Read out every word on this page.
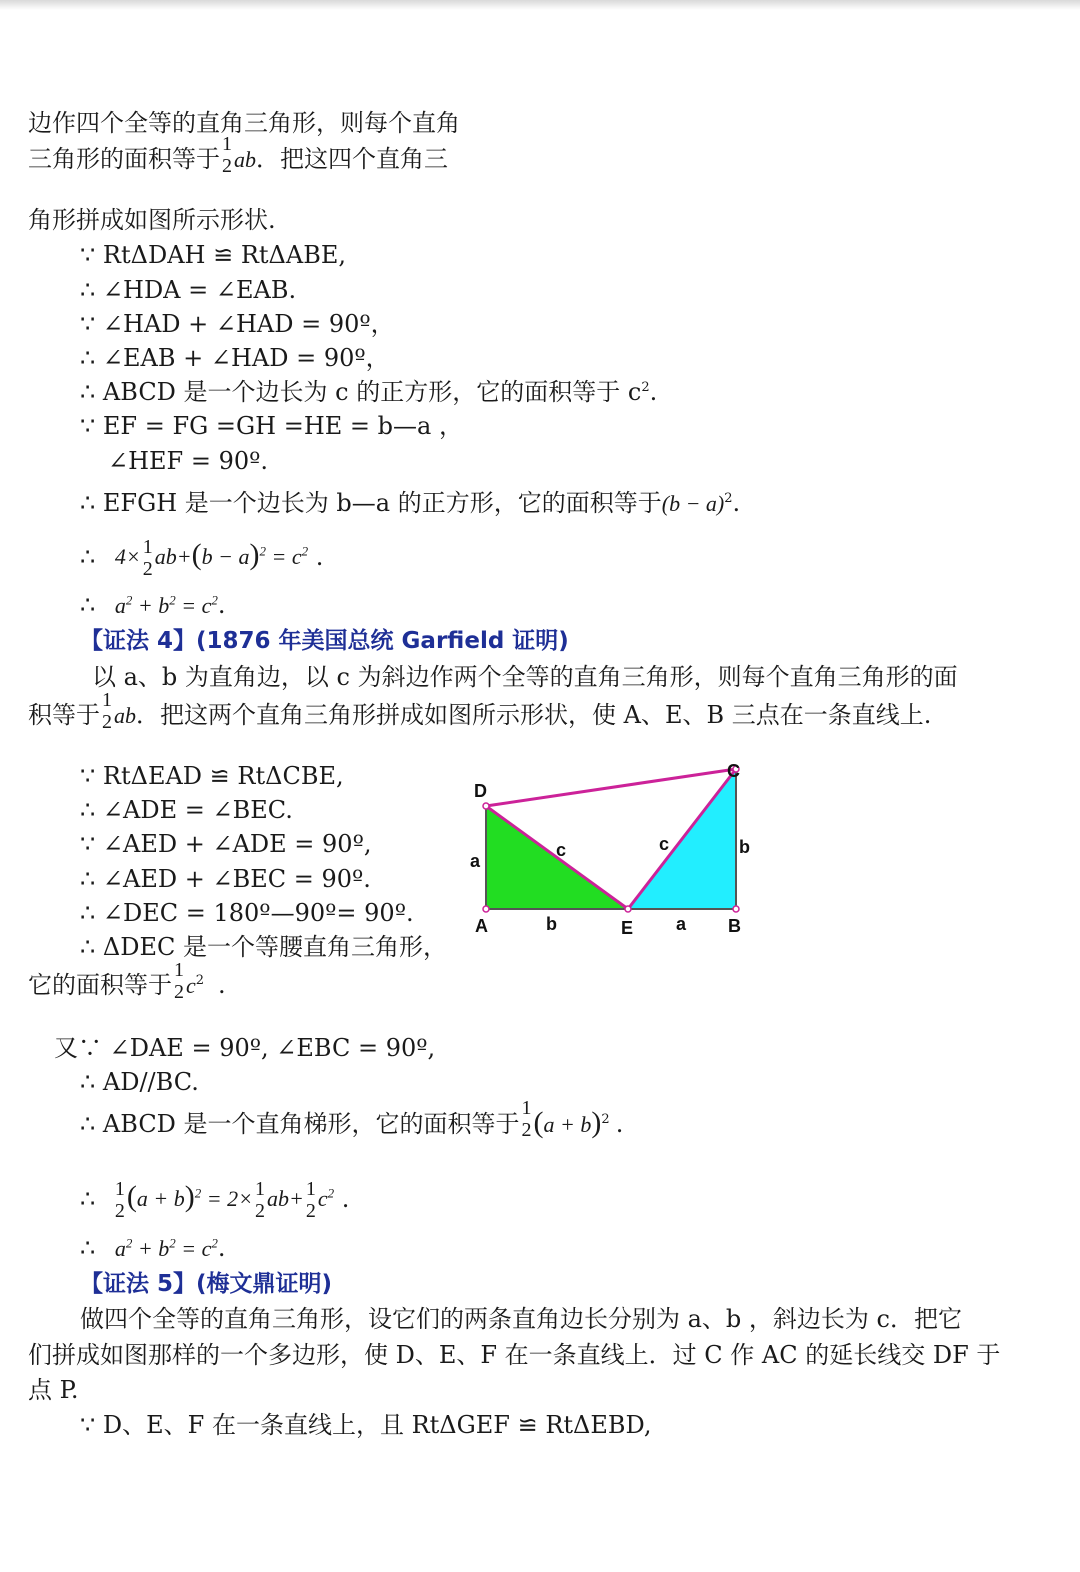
边作四个全等的直角三角形，则每个直角
三角形的面积等于
1
2 ab．把这四个直角三
角形拼成如图所示形状.
∵ RtΔDAH ≌ RtΔABE,
∴ ∠HDA = ∠EAB.
∵ ∠HAD + ∠HAD = 90º，
∴ ∠EAB + ∠HAD = 90º，
∴ ABCD 是一个边长为 c 的正方形，它的面积等于 $c^2$.
∵ EF = FG =GH =HE = b—a ，
∠HEF = 90º.
∴ EFGH 是一个边长为 b—a 的正方形，它的面积等于$(b - a)^2$.
∴ 4× 1
2 $ab+(b - a)^2 = c^2$ .
∴ $a^2 + b^2 = c^2$.
【证法 4】(1876 年美国总统 Garfield 证明)
以 a、b 为直角边，以 c 为斜边作两个全等的直角三角形，则每个直角三角形的面
积等于
1
2 ab．把这两个直角三角形拼成如图所示形状，使 A、E、B 三点在一条直线上.
∵ RtΔEAD ≌ RtΔCBE,
∴ ∠ADE = ∠BEC.
∵ ∠AED + ∠ADE = 90º,
∴ ∠AED + ∠BEC = 90º.
∴ ∠DEC = 180º—90º= 90º.
∴ ΔDEC 是一个等腰直角三角形，
它的面积等于
1
2 $c^2$ .
又∵ ∠DAE = 90º, ∠EBC = 90º,
∴ AD//BC.
∴ ABCD 是一个直角梯形，它的面积等于
1
2 $(a + b)^2$ .
∴ 1
2 $(a + b)^2 = 2\times 1$
2 ab+ 1
2 $c^2$ .
∴ $a^2 + b^2 = c^2$.
【证法 5】(梅文鼎证明)
做四个全等的直角三角形，设它们的两条直角边长分别为 a、b ，斜边长为 c．把它
们拼成如图那样的一个多边形，使 D、E、F 在一条直线上．过 C 作 AC 的延长线交 DF 于
点 P.
∵ D、E、F 在一条直线上，且 RtΔGEF ≌ RtΔEBD,
D
C
A	E	B
a
c
b
c	b
a
